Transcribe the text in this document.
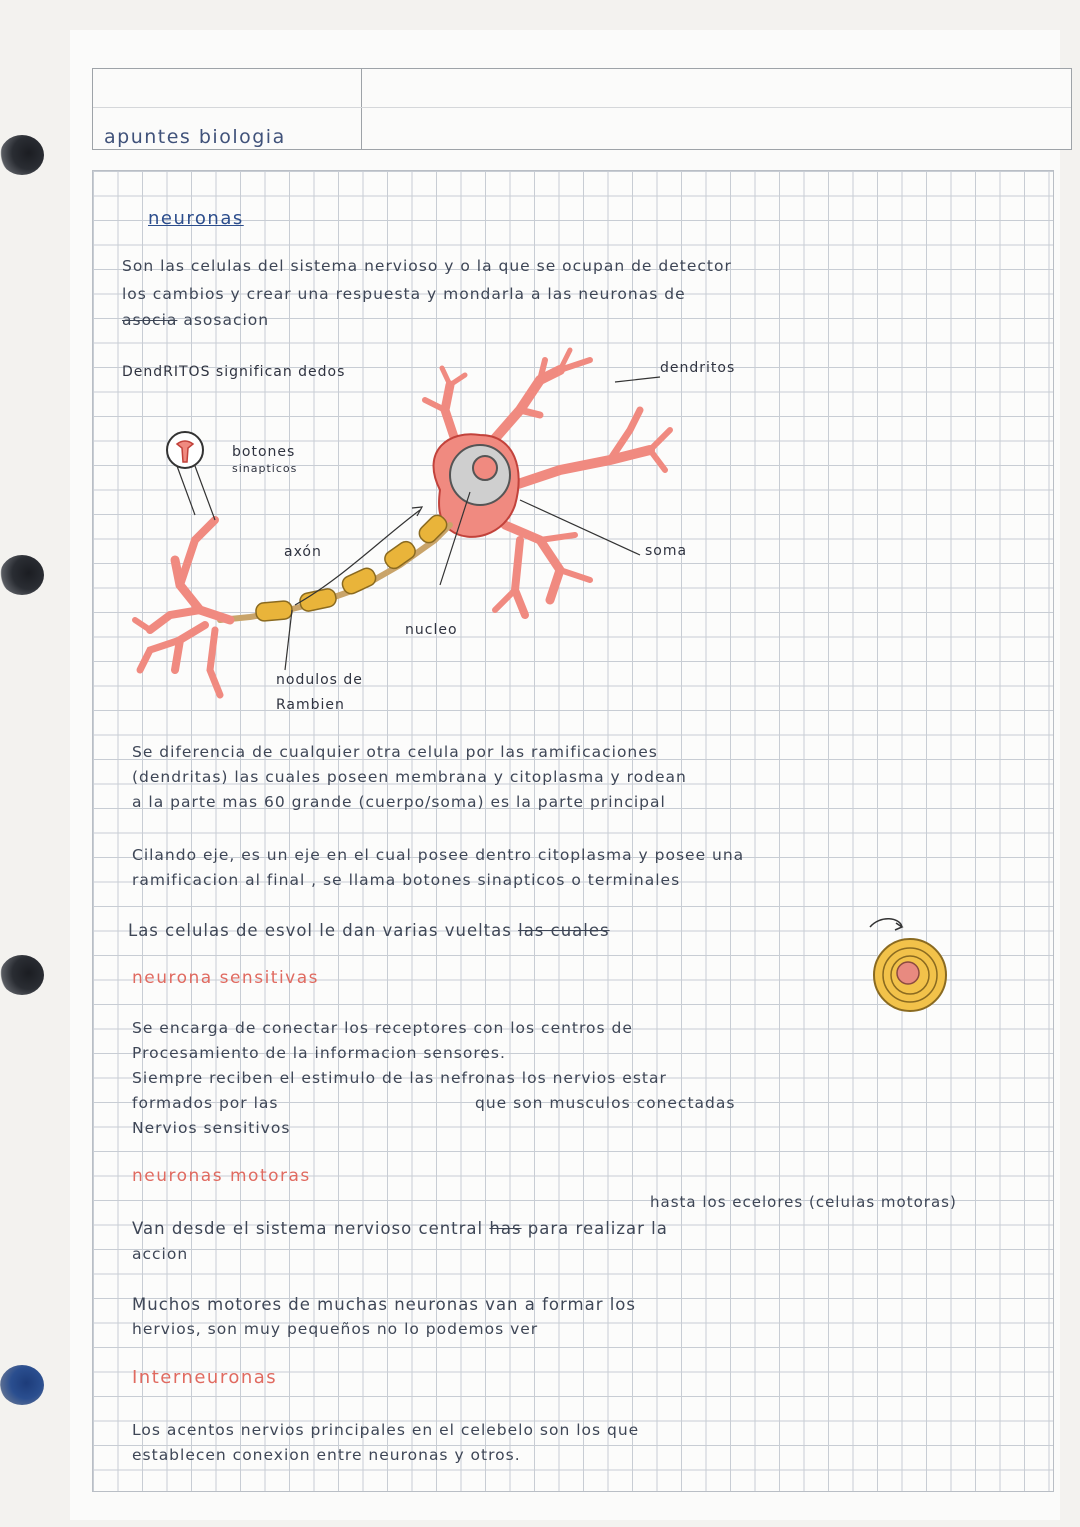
apuntes biologia

neuronas

Son las celulas del sistema nervioso y o la que se ocupan de detector

los cambios y crear una respuesta y mondarla a las neuronas de

asocia asosacion

DendRITOS significan dedos	dendritos

botones

sinapticos

axón	soma

nucleo

nodulos de

Rambien

Se diferencia de cualquier otra celula por las ramificaciones

(dendritas) las cuales poseen membrana y citoplasma y rodean

a la parte mas 60 grande (cuerpo/soma) es la parte principal

Cilando eje, es un eje en el cual posee dentro citoplasma y posee una

ramificacion al final , se llama botones sinapticos o terminales

Las celulas de esvol le dan varias vueltas las cuales

neurona sensitivas

Se encarga de conectar los receptores con los centros de

Procesamiento de la informacion sensores.

Siempre reciben el estimulo de las nefronas los nervios estar

formados por las	que son musculos conectadas

Nervios sensitivos

neuronas motoras

hasta los ecelores (celulas motoras)

Van desde el sistema nervioso central has para realizar la

accion

Muchos motores de muchas neuronas van a formar los

hervios, son muy pequeños no lo podemos ver

Interneuronas

Los acentos nervios principales en el celebelo son los que

establecen conexion entre neuronas y otros.
